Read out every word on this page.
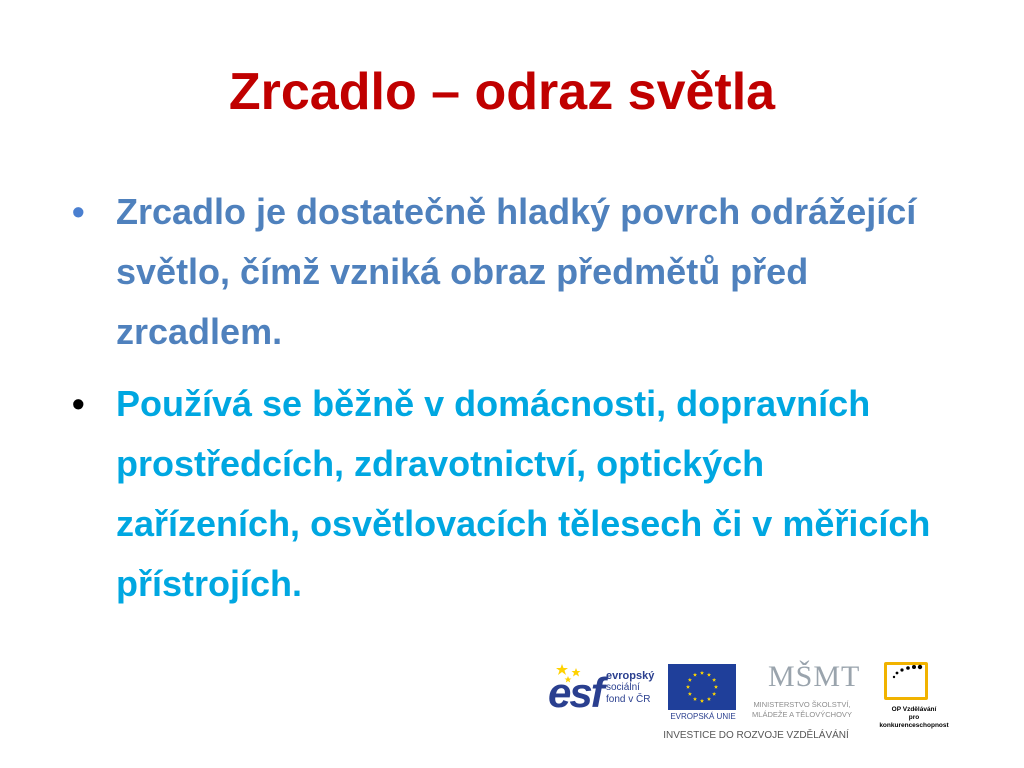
Zrcadlo – odraz světla
• Zrcadlo je dostatečně hladký povrch odrážející světlo, čímž vzniká obraz předmětů před zrcadlem.
• Používá se běžně v domácnosti, dopravních prostředcích, zdravotnictví, optických zařízeních, osvětlovacích tělesech či v měřicích přístrojích.
esf evropský
sociální
fond v ČR
EVROPSKÁ UNIE
MŠMT
MINISTERSTVO ŠKOLSTVÍ,
MLÁDEŽE A TĚLOVÝCHOVY
OP Vzdělávání
pro konkurenceschopnost
INVESTICE DO ROZVOJE VZDĚLÁVÁNÍ
